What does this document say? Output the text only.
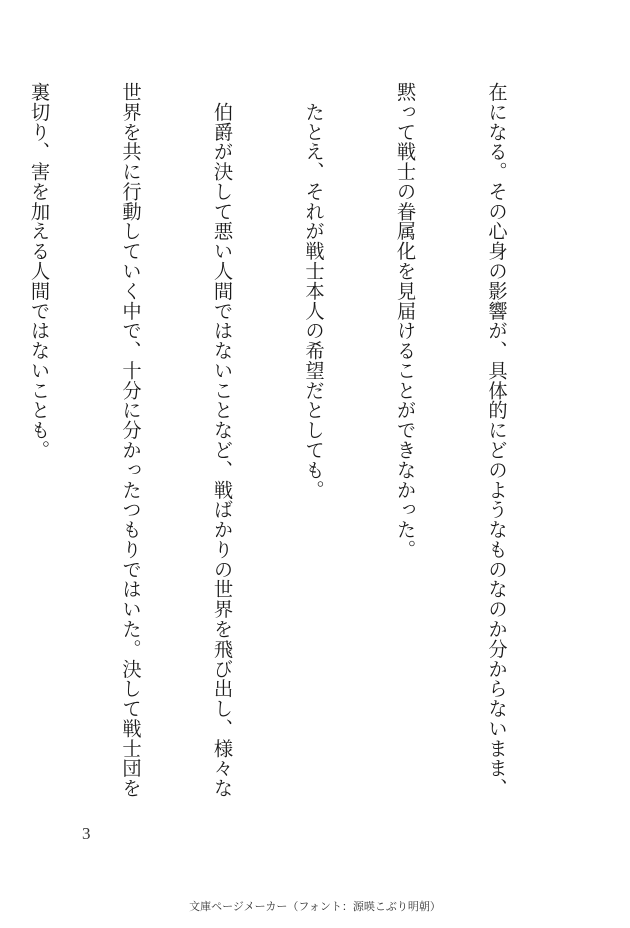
在になる。その心身の影響が、具体的にどのようなものなのか分からないまま、

黙って戦士の眷属化を見届けることができなかった。

　たとえ、それが戦士本人の希望だとしても。

　伯爵が決して悪い人間ではないことなど、戦ばかりの世界を飛び出し、様々な

世界を共に行動していく中で、十分に分かったつもりではいた。決して戦士団を

裏切り、害を加える人間ではないことも。

3
文庫ページメーカー（フォント：源暎こぶり明朝）
